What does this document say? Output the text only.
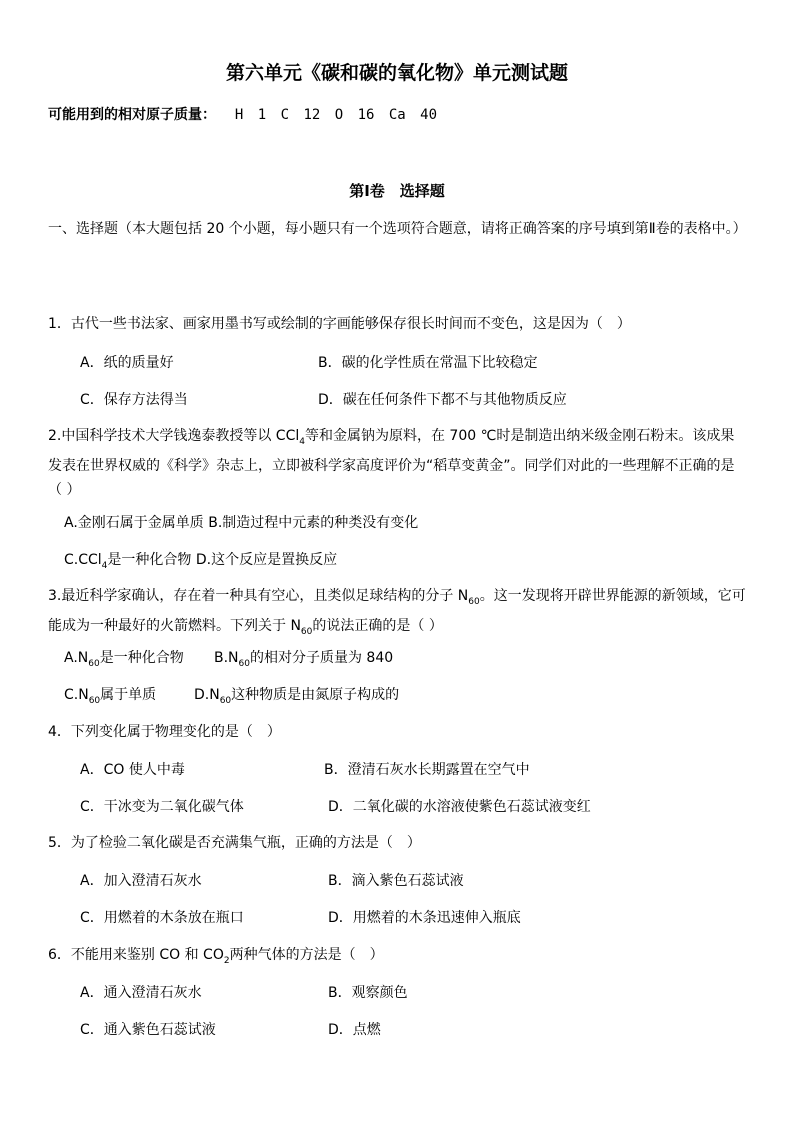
第六单元《碳和碳的氧化物》单元测试题
可能用到的相对原子质量： H 1 C 12 O 16 Ca 40
第Ⅰ卷　选择题
一、选择题（本大题包括 20 个小题，每小题只有一个选项符合题意，请将正确答案的序号填到第Ⅱ卷的表格中。）
1．古代一些书法家、画家用墨书写或绘制的字画能够保存很长时间而不变色，这是因为（　）
A．纸的质量好	B．碳的化学性质在常温下比较稳定
C．保存方法得当	D．碳在任何条件下都不与其他物质反应
2.中国科学技术大学钱逸泰教授等以 CCl$_4$等和金属钠为原料，在 700 ℃时是制造出纳米级金刚石粉末。该成果发表在世界权威的《科学》杂志上，立即被科学家高度评价为“稻草变黄金”。同学们对此的一些理解不正确的是（ ）
A.金刚石属于金属单质 B.制造过程中元素的种类没有变化
C.CCl$_4$是一种化合物 D.这个反应是置换反应
3.最近科学家确认，存在着一种具有空心，且类似足球结构的分子 $N_{60}$。这一发现将开辟世界能源的新领域，它可能成为一种最好的火箭燃料。下列关于 $N_{60}$的说法正确的是（ ）
$A.N_{60}$是一种化合物 $B.N_{60}$的相对分子质量为 840
$C.N_{60}$属于单质	$D.N_{60}$这种物质是由氮原子构成的
4．下列变化属于物理变化的是（　）
A．CO 使人中毒	B．澄清石灰水长期露置在空气中
C．干冰变为二氧化碳气体	D．二氧化碳的水溶液使紫色石蕊试液变红
5．为了检验二氧化碳是否充满集气瓶，正确的方法是（　）
A．加入澄清石灰水	B．滴入紫色石蕊试液
C．用燃着的木条放在瓶口	D．用燃着的木条迅速伸入瓶底
6．不能用来鉴别 CO 和 $CO_2$两种气体的方法是（　）
A．通入澄清石灰水	B．观察颜色
C．通入紫色石蕊试液	D．点燃
